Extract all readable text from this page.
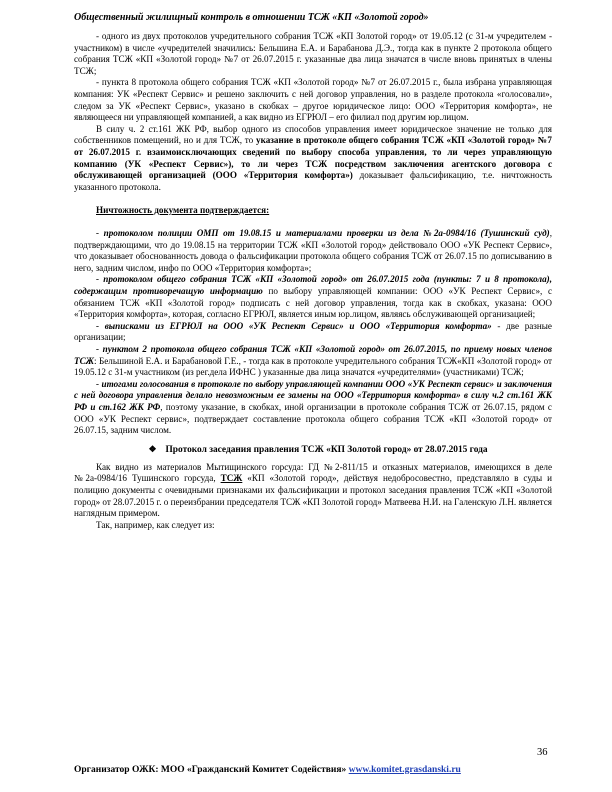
Общественный жилищный контроль в отношении ТСЖ «КП «Золотой город»

- одного из двух протоколов учредительного собрания ТСЖ «КП Золотой город» от 19.05.12 (с 31-м учредителем - участником) в числе «учредителей значились: Бельшина Е.А. и Барабанова Д.Э., тогда как в пункте 2 протокола общего собрания ТСЖ «КП «Золотой город» №7 от 26.07.2015 г. указанные два лица значатся в числе вновь принятых в члены ТСЖ;

- пункта 8 протокола общего собрания ТСЖ «КП «Золотой город» №7 от 26.07.2015 г., была избрана управляющая компания: УК «Респект Сервис» и решено заключить с ней договор управления, но в разделе протокола «голосовали», следом за УК «Респект Сервис», указано в скобках – другое юридическое лицо: ООО «Территория комфорта», не являющееся ни управляющей компанией, а как видно из ЕГРЮЛ – его филиал под другим юр.лицом.

В силу ч. 2 ст.161 ЖК РФ, выбор одного из способов управления имеет юридическое значение не только для собственников помещений, но и для ТСЖ, то указание в протоколе общего собрания ТСЖ «КП «Золотой город» №7 от 26.07.2015 г. взаимоисключающих сведений по выбору способа управления, то ли через управляющую компанию (УК «Респект Сервис»), то ли через ТСЖ посредством заключения агентского договора с обслуживающей организацией (ООО «Территория комфорта») доказывает фальсификацию, т.е. ничтожность указанного протокола.

Ничтожность документа подтверждается:

- протоколом полиции ОМП от 19.08.15 и материалами проверки из дела №2а-0984/16 (Тушинский суд), подтверждающими, что до 19.08.15 на территории ТСЖ «КП «Золотой город» действовало ООО «УК Респект Сервис», что доказывает обоснованность довода о фальсификации протокола общего собрания ТСЖ от 26.07.15 по дописыванию в него, задним числом, инфо по ООО «Территория комфорта»;

- протоколом общего собрания ТСЖ «КП «Золотой город» от 26.07.2015 года (пункты: 7 и 8 протокола), содержащим противоречащую информацию по выбору управляющей компании: ООО «УК Респект Сервис», с обязанием ТСЖ «КП «Золотой город» подписать с ней договор управления, тогда как в скобках, указана: ООО «Территория комфорта», которая, согласно ЕГРЮЛ, является иным юр.лицом, являясь обслуживающей организацией;

- выписками из ЕГРЮЛ на ООО «УК Респект Сервис» и ООО «Территория комфорта» - две разные организации;

- пунктом 2 протокола общего собрания ТСЖ «КП «Золотой город» от 26.07.2015, по приему новых членов ТСЖ: Бельшиной Е.А. и Барабановой Г.Е., - тогда как в протоколе учредительного собрания ТСЖ«КП «Золотой город» от 19.05.12 с 31-м участником (из рег.дела ИФНС ) указанные два лица значатся «учредителями» (участниками) ТСЖ;

- итогами голосования в протоколе по выбору управляющей компании ООО «УК Респект сервис» и заключения с ней договора управления делало невозможным ее замены на ООО «Территория комфорта» в силу ч.2 ст.161 ЖК РФ и ст.162 ЖК РФ, поэтому указание, в скобках, иной организации в протоколе собрания ТСЖ от 26.07.15, рядом с ООО «УК Респект сервис», подтверждает составление протокола общего собрания ТСЖ «КП «Золотой город» от 26.07.15, задним числом.

❖ Протокол заседания правления ТСЖ «КП Золотой город» от 28.07.2015 года

Как видно из материалов Мытищинского горсуда: ГД №2-811/15 и отказных материалов, имеющихся в деле №2а-0984/16 Тушинского горсуда, ТСЖ «КП «Золотой город», действуя недобросовестно, представляло в суды и полицию документы с очевидными признаками их фальсификации и протокол заседания правления ТСЖ «КП «Золотой город» от 28.07.2015 г. о переизбрании председателя ТСЖ «КП Золотой город» Матвеева Н.И. на Галенскую Л.Н. является наглядным примером.

Так, например, как следует из:

36
Организатор ОЖК: МОО «Гражданский Комитет Содействия» www.komitet.grasdanski.ru
